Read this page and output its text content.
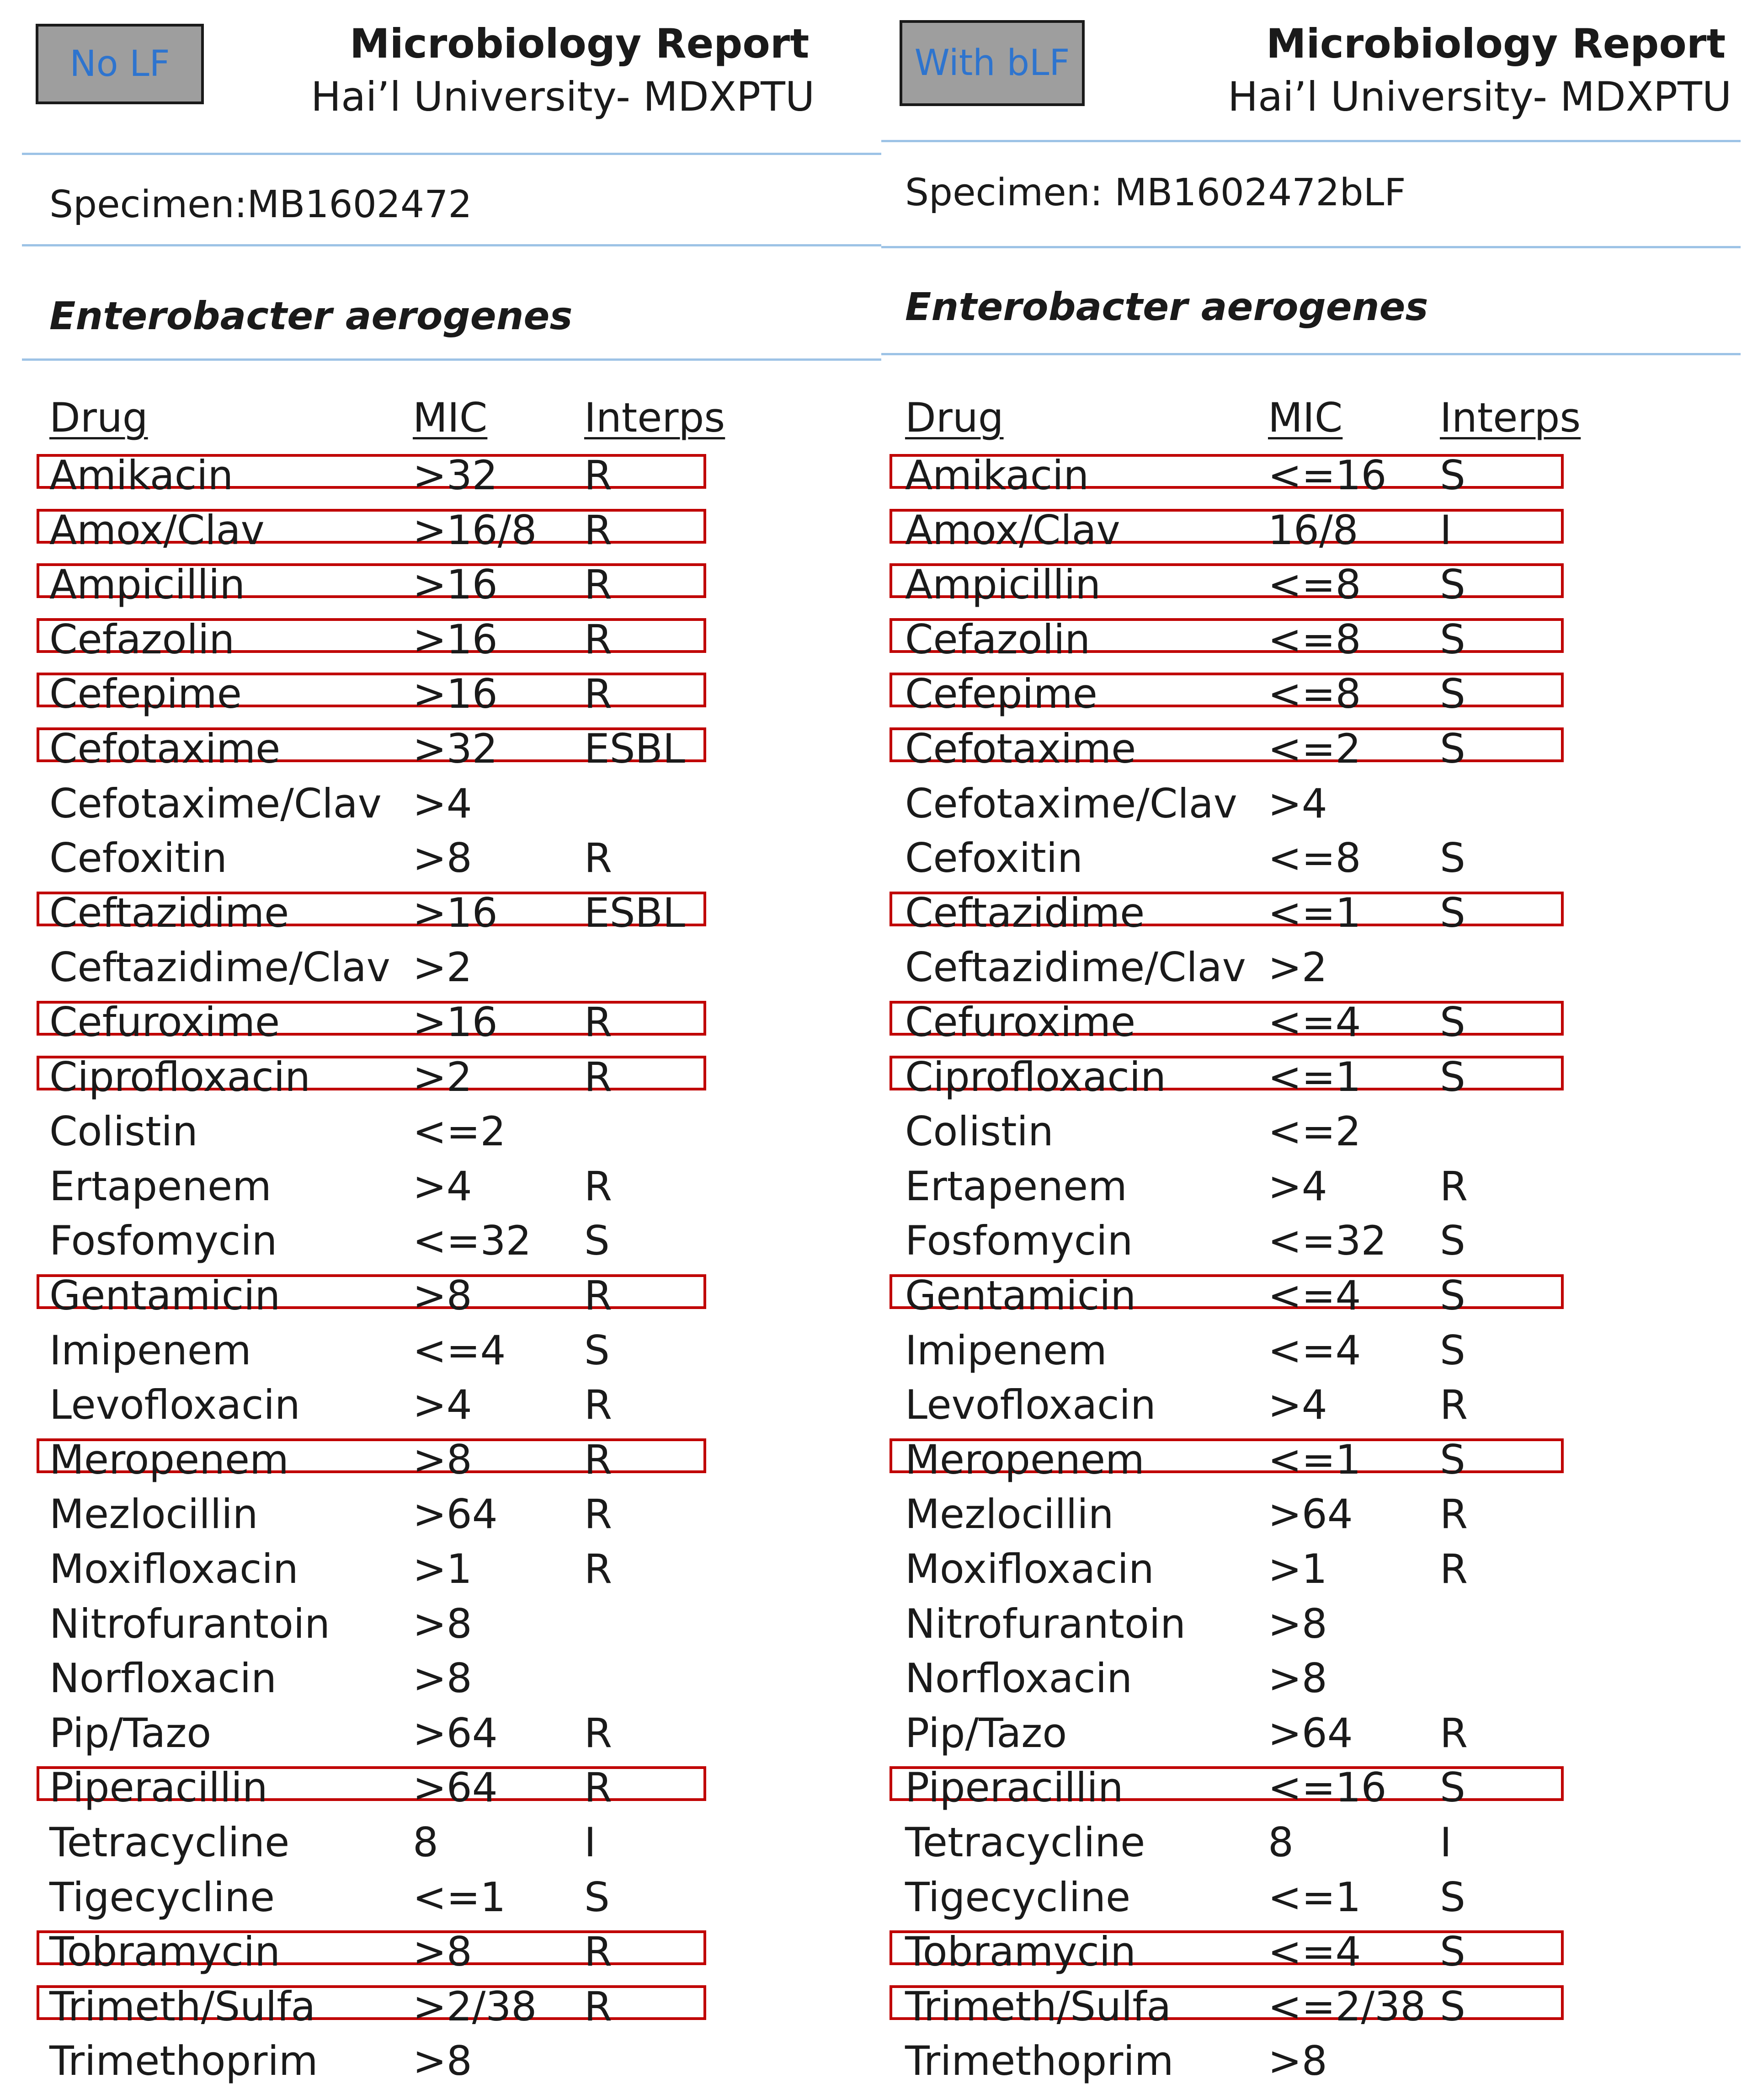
No LF	Microbiology Report
Hai’l University- MDXPTU
Specimen:MB1602472
Enterobacter aerogenes
Drug	MIC Interps
Amikacin	>32 R
Amox/Clav	>16/8 R
Ampicillin	>16 R
Cefazolin	>16 R
Cefepime	>16 R
Cefotaxime	>32 ESBL
Cefotaxime/Clav >4
Cefoxitin	>8	R
Ceftazidime	>16 ESBL
Ceftazidime/Clav >2
Cefuroxime	>16 R
Ciprofloxacin	>2	R
Colistin	<=2
Ertapenem	>4	R
Fosfomycin	<=32 S
Gentamicin	>8	R
Imipenem	<=4 S
Levofloxacin	>4	R
Meropenem	>8	R
Mezlocillin	>64 R
Moxifloxacin	>1	R
Nitrofurantoin >8
Norfloxacin	>8
Pip/Tazo	>64 R
Piperacillin	>64 R
Tetracycline	8	I
Tigecycline	<=1 S
Tobramycin	>8	R
Trimeth/Sulfa >2/38 R
Trimethoprim >8
With bLF	Microbiology Report
Hai’l University- MDXPTU
Specimen: MB1602472bLF
Enterobacter aerogenes
Drug	MIC Interps
Amikacin	<=16 S
Amox/Clav	16/8 I
Ampicillin	<=8 S
Cefazolin	<=8 S
Cefepime	<=8 S
Cefotaxime	<=2 S
Cefotaxime/Clav >4
Cefoxitin	<=8 S
Ceftazidime	<=1 S
Ceftazidime/Clav >2
Cefuroxime	<=4 S
Ciprofloxacin	<=1 S
Colistin	<=2
Ertapenem	>4	R
Fosfomycin	<=32 S
Gentamicin	<=4 S
Imipenem	<=4 S
Levofloxacin	>4	R
Meropenem	<=1 S
Mezlocillin	>64 R
Moxifloxacin	>1	R
Nitrofurantoin >8
Norfloxacin	>8
Pip/Tazo	>64 R
Piperacillin	<=16 S
Tetracycline	8	I
Tigecycline	<=1 S
Tobramycin	<=4 S
Trimeth/Sulfa <=2/38 S
Trimethoprim >8
